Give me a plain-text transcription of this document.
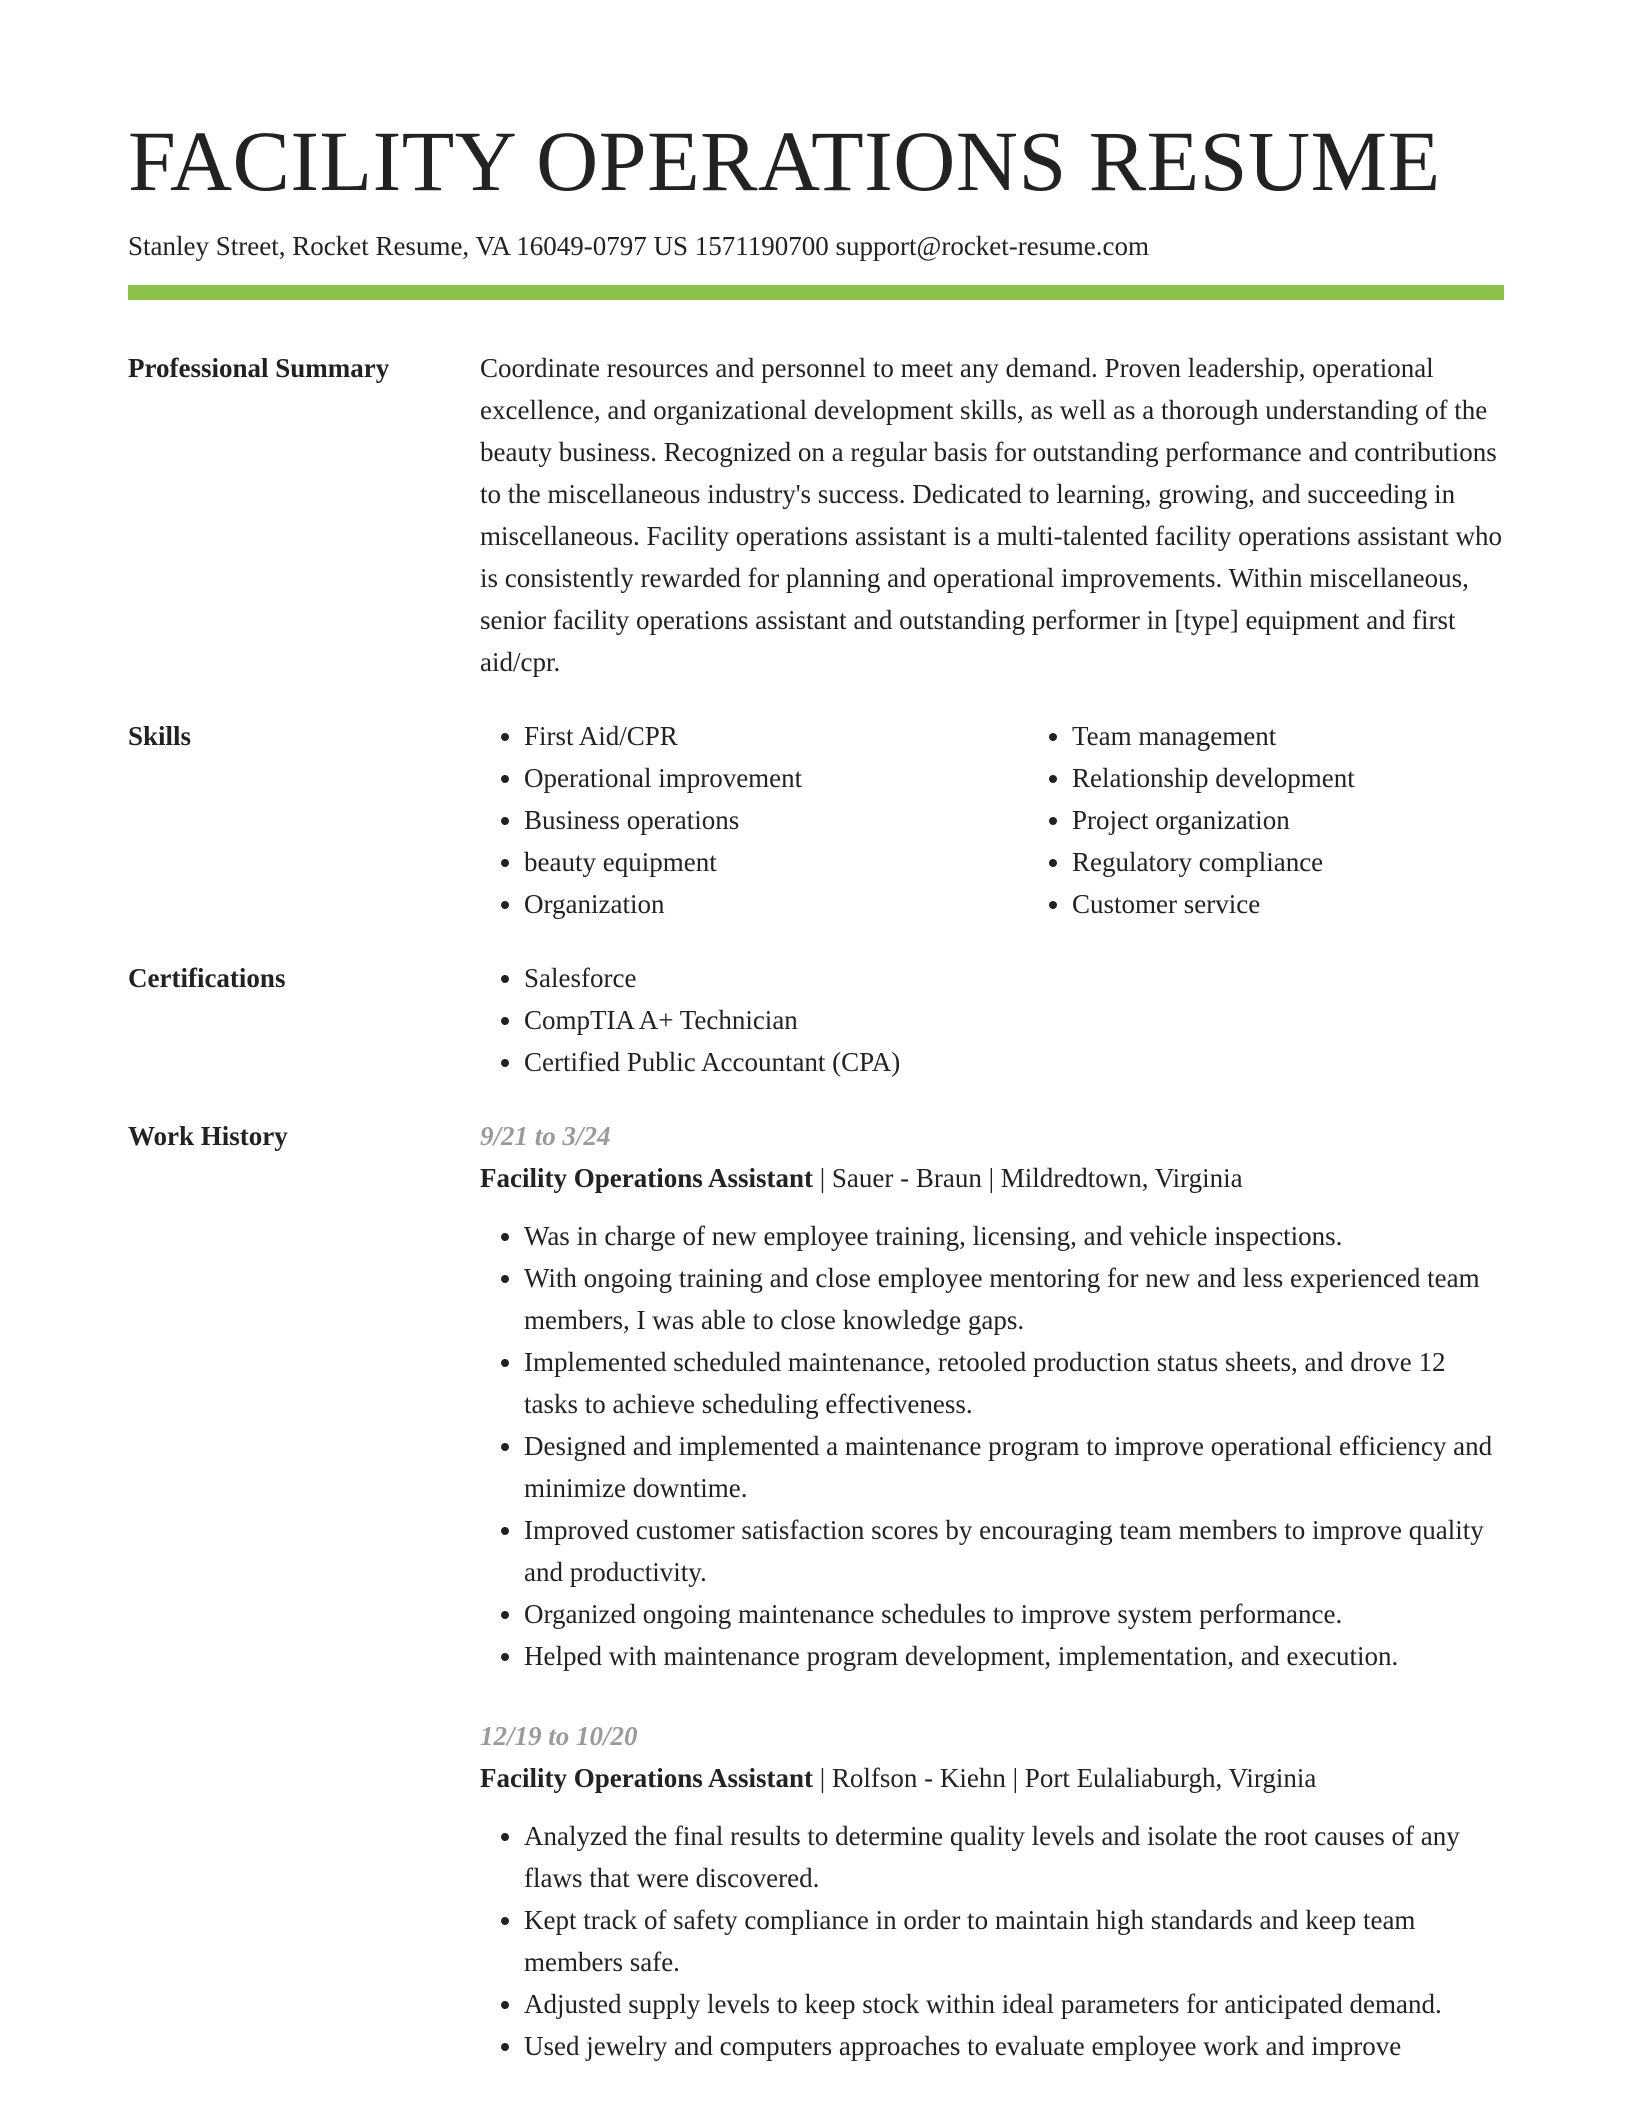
FACILITY OPERATIONS RESUME
Stanley Street, Rocket Resume, VA 16049-0797 US 1571190700 support@rocket-resume.com
Professional Summary	Coordinate resources and personnel to meet any demand. Proven leadership, operational excellence, and organizational development skills, as well as a thorough understanding of the beauty business. Recognized on a regular basis for outstanding performance and contributions to the miscellaneous industry's success. Dedicated to learning, growing, and succeeding in miscellaneous. Facility operations assistant is a multi-talented facility operations assistant who is consistently rewarded for planning and operational improvements. Within miscellaneous, senior facility operations assistant and outstanding performer in [type] equipment and first aid/cpr.

Skills	• First Aid/CPR
• Operational improvement
• Business operations
• beauty equipment
• Organization
• Team management
• Relationship development
• Project organization
• Regulatory compliance
• Customer service
Certifications	• Salesforce
• CompTIA A+ Technician
• Certified Public Accountant (CPA)
Work History	9/21 to 3/24
Facility Operations Assistant | Sauer - Braun | Mildredtown, Virginia
• Was in charge of new employee training, licensing, and vehicle inspections.
• With ongoing training and close employee mentoring for new and less experienced team members, I was able to close knowledge gaps.
• Implemented scheduled maintenance, retooled production status sheets, and drove 12 tasks to achieve scheduling effectiveness.
• Designed and implemented a maintenance program to improve operational efficiency and minimize downtime.
• Improved customer satisfaction scores by encouraging team members to improve quality and productivity.
• Organized ongoing maintenance schedules to improve system performance.
• Helped with maintenance program development, implementation, and execution.
12/19 to 10/20
Facility Operations Assistant | Rolfson - Kiehn | Port Eulaliaburgh, Virginia
• Analyzed the final results to determine quality levels and isolate the root causes of any flaws that were discovered.
• Kept track of safety compliance in order to maintain high standards and keep team members safe.
• Adjusted supply levels to keep stock within ideal parameters for anticipated demand.
• Used jewelry and computers approaches to evaluate employee work and improve
